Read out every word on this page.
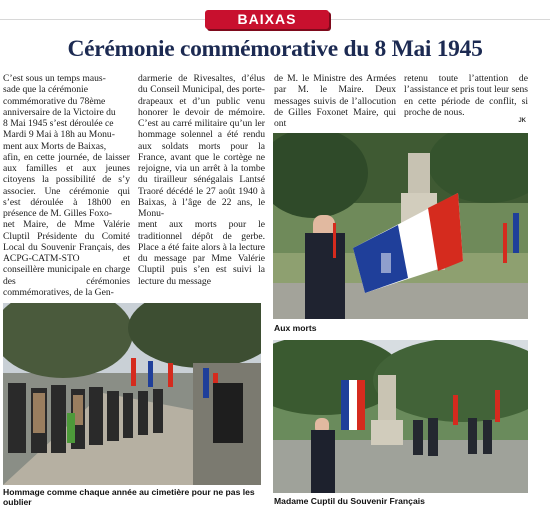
BAIXAS
Cérémonie commémorative du 8 Mai 1945
JK
C’est sous un temps maus-
sade que la cérémonie
commémorative du 78ème
anniversaire de la Victoire du
8 Mai 1945 s’est déroulée ce
Mardi 9 Mai à 18h au Monu-
ment aux Morts de Baixas,
afin, en cette journée, de laisser aux familles et aux jeunes citoyens la possibilité de s’y associer. Une cérémonie qui s’est déroulée à 18h00 en présence de M. Gilles Foxo-
net Maire, de Mme Valérie Cluptil Présidente du Comité Local du Souvenir Français, des ACPG-CATM-STO et conseillère municipale en charge des cérémonies commémoratives, de la Gen-
darmerie de Rivesaltes, d’élus du Conseil Municipal, des porte-drapeaux et d’un public venu honorer le devoir de mémoire. C’est au carré militaire qu’un ler hommage solennel a été rendu aux soldats morts pour la France, avant que le cortège ne rejoigne, via un arrêt à la tombe du tirailleur sénégalais Lantsé Traoré décédé le 27 août 1940 à Baixas, à l’âge de 22 ans, le Monu-
ment aux morts pour le traditionnel dépôt de gerbe. Place a été faite alors à la lecture du message par Mme Valérie Cluptil puis s’en est suivi la lecture du message
de M. le Ministre des Armées par M. le Maire. Deux messages suivis de l’allocution de Gilles Foxonet Maire, qui ont
retenu toute l’attention de l’assistance et pris tout leur sens en cette période de conflit, si proche de nous.
Aux morts
Hommage comme chaque année au cimetière pour ne pas les oublier	Madame Cuptil du Souvenir Français
